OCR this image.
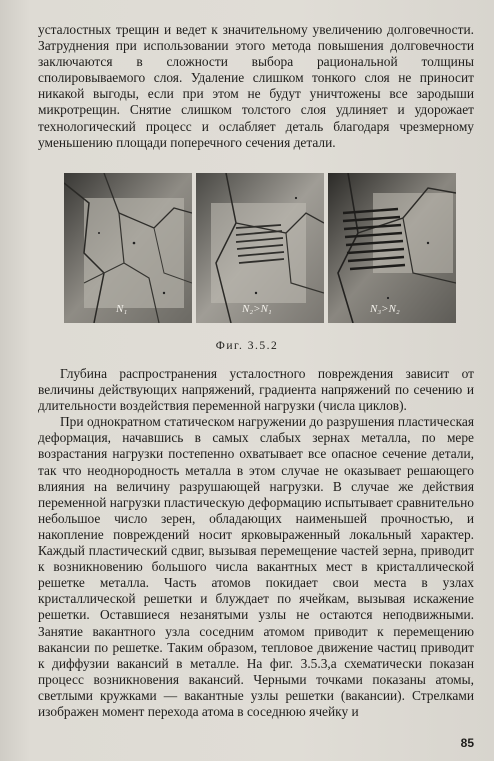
усталостных трещин и ведет к значительному увеличению долговечности. Затруднения при использовании этого метода повышения долговечности заключаются в сложности выбора рациональной толщины сполировываемого слоя. Удаление слишком тонкого слоя не приносит никакой выгоды, если при этом не будут уничтожены все зародыши микротрещин. Снятие слишком толстого слоя удлиняет и удорожает технологический процесс и ослабляет деталь благодаря чрезмерному уменьшению площади поперечного сечения детали.

N₁	N₂>N₁	N₃>N₂
Фиг. 3.5.2

Глубина распространения усталостного повреждения зависит от величины действующих напряжений, градиента напряжений по сечению и длительности воздействия переменной нагрузки (числа циклов).

При однократном статическом нагружении до разрушения пластическая деформация, начавшись в самых слабых зернах металла, по мере возрастания нагрузки постепенно охватывает все опасное сечение детали, так что неоднородность металла в этом случае не оказывает решающего влияния на величину разрушающей нагрузки. В случае же действия переменной нагрузки пластическую деформацию испытывает сравнительно небольшое число зерен, обладающих наименьшей прочностью, и накопление повреждений носит ярковыраженный локальный характер. Каждый пластический сдвиг, вызывая перемещение частей зерна, приводит к возникновению большого числа вакантных мест в кристаллической решетке металла. Часть атомов покидает свои места в узлах кристаллической решетки и блуждает по ячейкам, вызывая искажение решетки. Оставшиеся незанятыми узлы не остаются неподвижными. Занятие вакантного узла соседним атомом приводит к перемещению вакансии по решетке. Таким образом, тепловое движение частиц приводит к диффузии вакансий в металле. На фиг. 3.5.3,а схематически показан процесс возникновения вакансий. Черными точками показаны атомы, светлыми кружками — вакантные узлы решетки (вакансии). Стрелками изображен момент перехода атома в соседнюю ячейку и

85
